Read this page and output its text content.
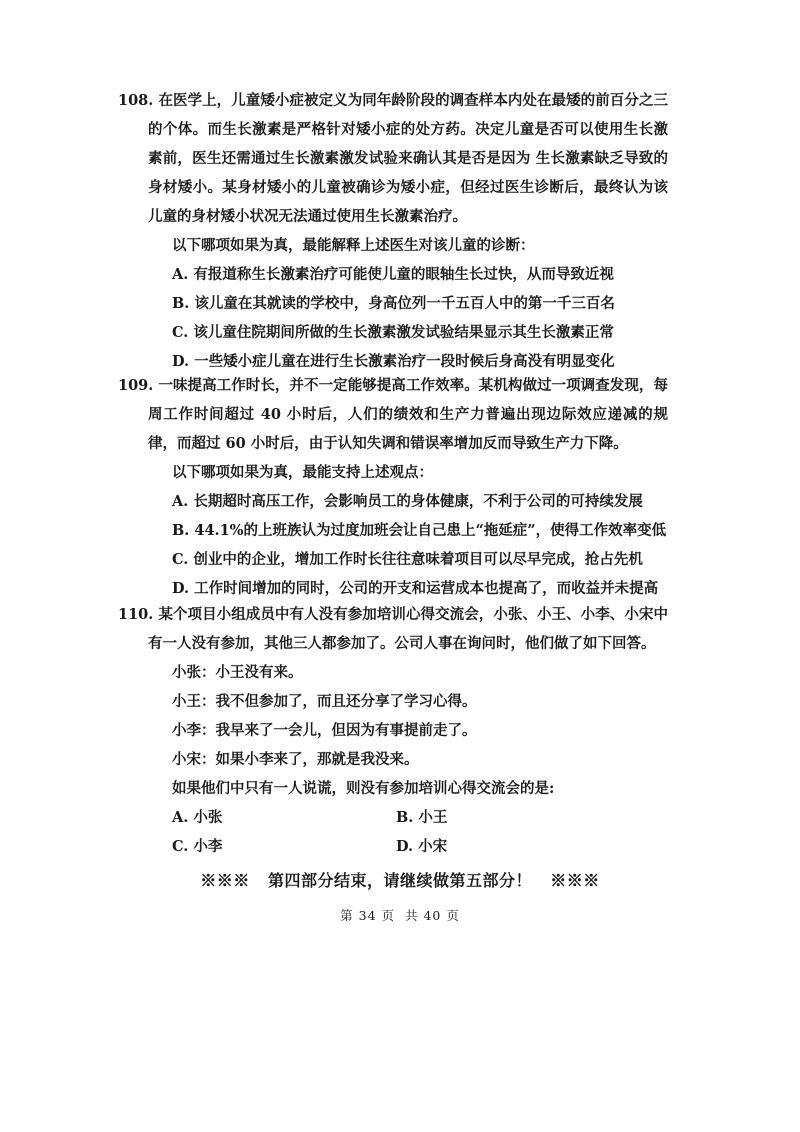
108. 在医学上，儿童矮小症被定义为同年龄阶段的调查样本内处在最矮的前百分之三的个体。而生长激素是严格针对矮小症的处方药。决定儿童是否可以使用生长激素前，医生还需通过生长激素激发试验来确认其是否是因为 生长激素缺乏导致的身材矮小。某身材矮小的儿童被确诊为矮小症，但经过医生诊断后，最终认为该儿童的身材矮小状况无法通过使用生长激素治疗。
以下哪项如果为真，最能解释上述医生对该儿童的诊断：
A. 有报道称生长激素治疗可能使儿童的眼轴生长过快，从而导致近视
B. 该儿童在其就读的学校中，身高位列一千五百人中的第一千三百名
C. 该儿童住院期间所做的生长激素激发试验结果显示其生长激素正常
D. 一些矮小症儿童在进行生长激素治疗一段时候后身高没有明显变化
109. 一味提高工作时长，并不一定能够提高工作效率。某机构做过一项调查发现，每周工作时间超过 40 小时后，人们的绩效和生产力普遍出现边际效应递减的规律，而超过 60 小时后，由于认知失调和错误率增加反而导致生产力下降。
以下哪项如果为真，最能支持上述观点：
A. 长期超时高压工作，会影响员工的身体健康，不利于公司的可持续发展
B. 44.1%的上班族认为过度加班会让自己患上“拖延症”，使得工作效率变低
C. 创业中的企业，增加工作时长往往意味着项目可以尽早完成，抢占先机
D. 工作时间增加的同时，公司的开支和运营成本也提高了，而收益并未提高
110. 某个项目小组成员中有人没有参加培训心得交流会，小张、小王、小李、小宋中有一人没有参加，其他三人都参加了。公司人事在询问时，他们做了如下回答。
小张：小王没有来。
小王：我不但参加了，而且还分享了学习心得。
小李：我早来了一会儿，但因为有事提前走了。
小宋：如果小李来了，那就是我没来。
如果他们中只有一人说谎，则没有参加培训心得交流会的是:
A. 小张	B. 小王
C. 小李	D. 小宋
※※※   第四部分结束，请继续做第五部分！   ※※※
第 34 页  共 40 页
